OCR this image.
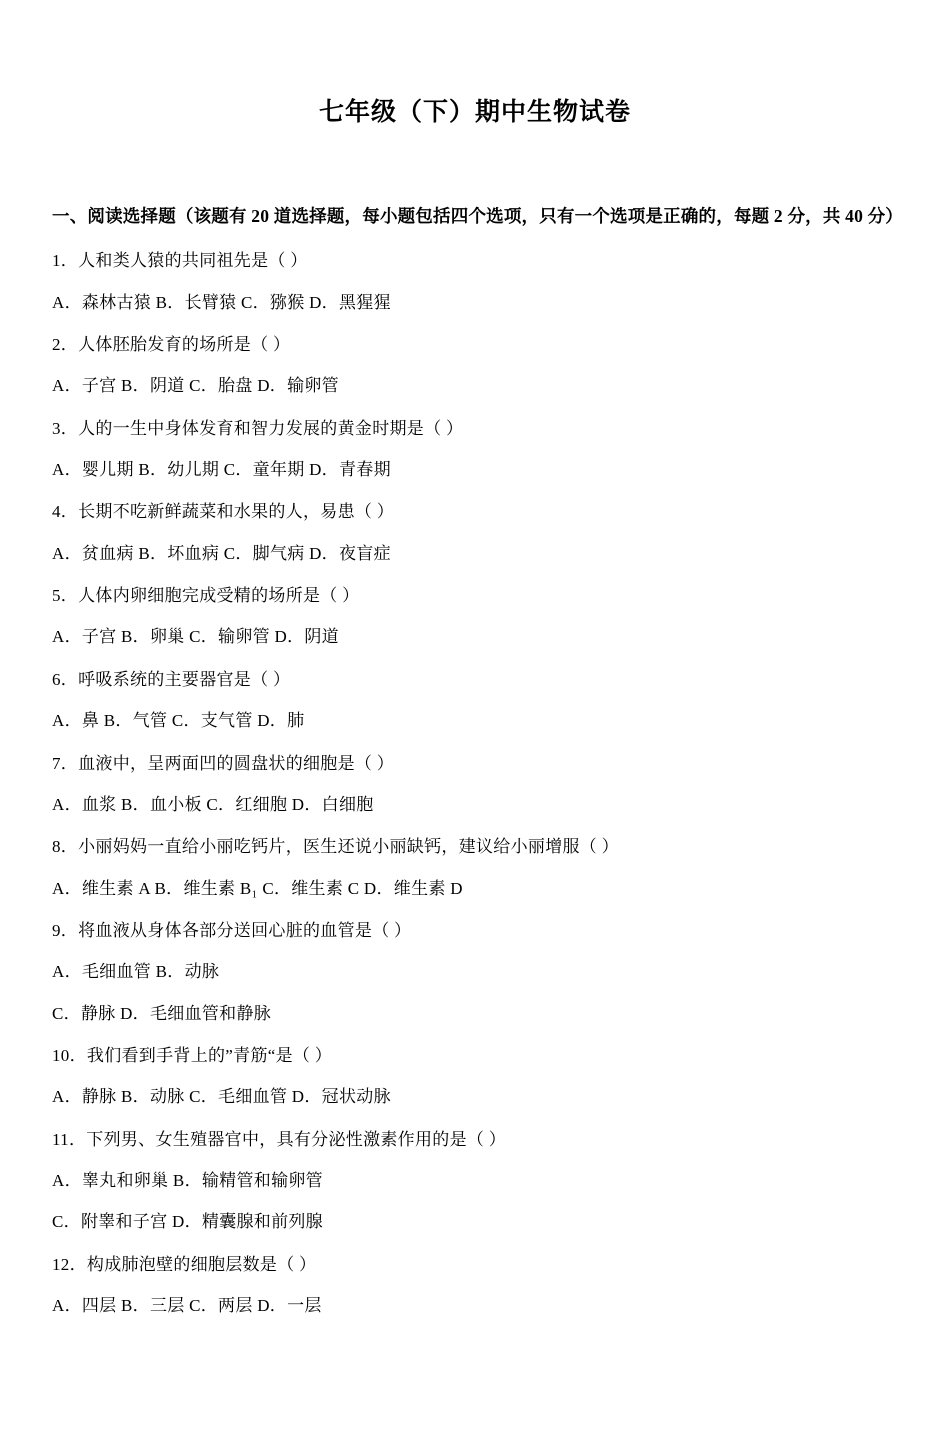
七年级（下）期中生物试卷
一、阅读选择题（该题有 20 道选择题，每小题包括四个选项，只有一个选项是正确的，每题 2 分，共 40 分）
1．人和类人猿的共同祖先是（ ）
A．森林古猿 B．长臂猿 C．猕猴 D．黑猩猩
2．人体胚胎发育的场所是（ ）
A．子宫 B．阴道 C．胎盘 D．输卵管
3．人的一生中身体发育和智力发展的黄金时期是（ ）
A．婴儿期 B．幼儿期 C．童年期 D．青春期
4．长期不吃新鲜蔬菜和水果的人，易患（ ）
A．贫血病 B．坏血病 C．脚气病 D．夜盲症
5．人体内卵细胞完成受精的场所是（ ）
A．子宫 B．卵巢 C．输卵管 D．阴道
6．呼吸系统的主要器官是（ ）
A．鼻 B．气管 C．支气管 D．肺
7．血液中，呈两面凹的圆盘状的细胞是（ ）
A．血浆 B．血小板 C．红细胞 D．白细胞
8．小丽妈妈一直给小丽吃钙片，医生还说小丽缺钙，建议给小丽增服（ ）
A．维生素 A B．维生素 B₁ C．维生素 C D．维生素 D
9．将血液从身体各部分送回心脏的血管是（ ）
A．毛细血管 B．动脉
C．静脉 D．毛细血管和静脉
10．我们看到手背上的”青筋“是（ ）
A．静脉 B．动脉 C．毛细血管 D．冠状动脉
11．下列男、女生殖器官中，具有分泌性激素作用的是（ ）
A．睾丸和卵巢 B．输精管和输卵管
C．附睾和子宫 D．精囊腺和前列腺
12．构成肺泡壁的细胞层数是（ ）
A．四层 B．三层 C．两层 D．一层
